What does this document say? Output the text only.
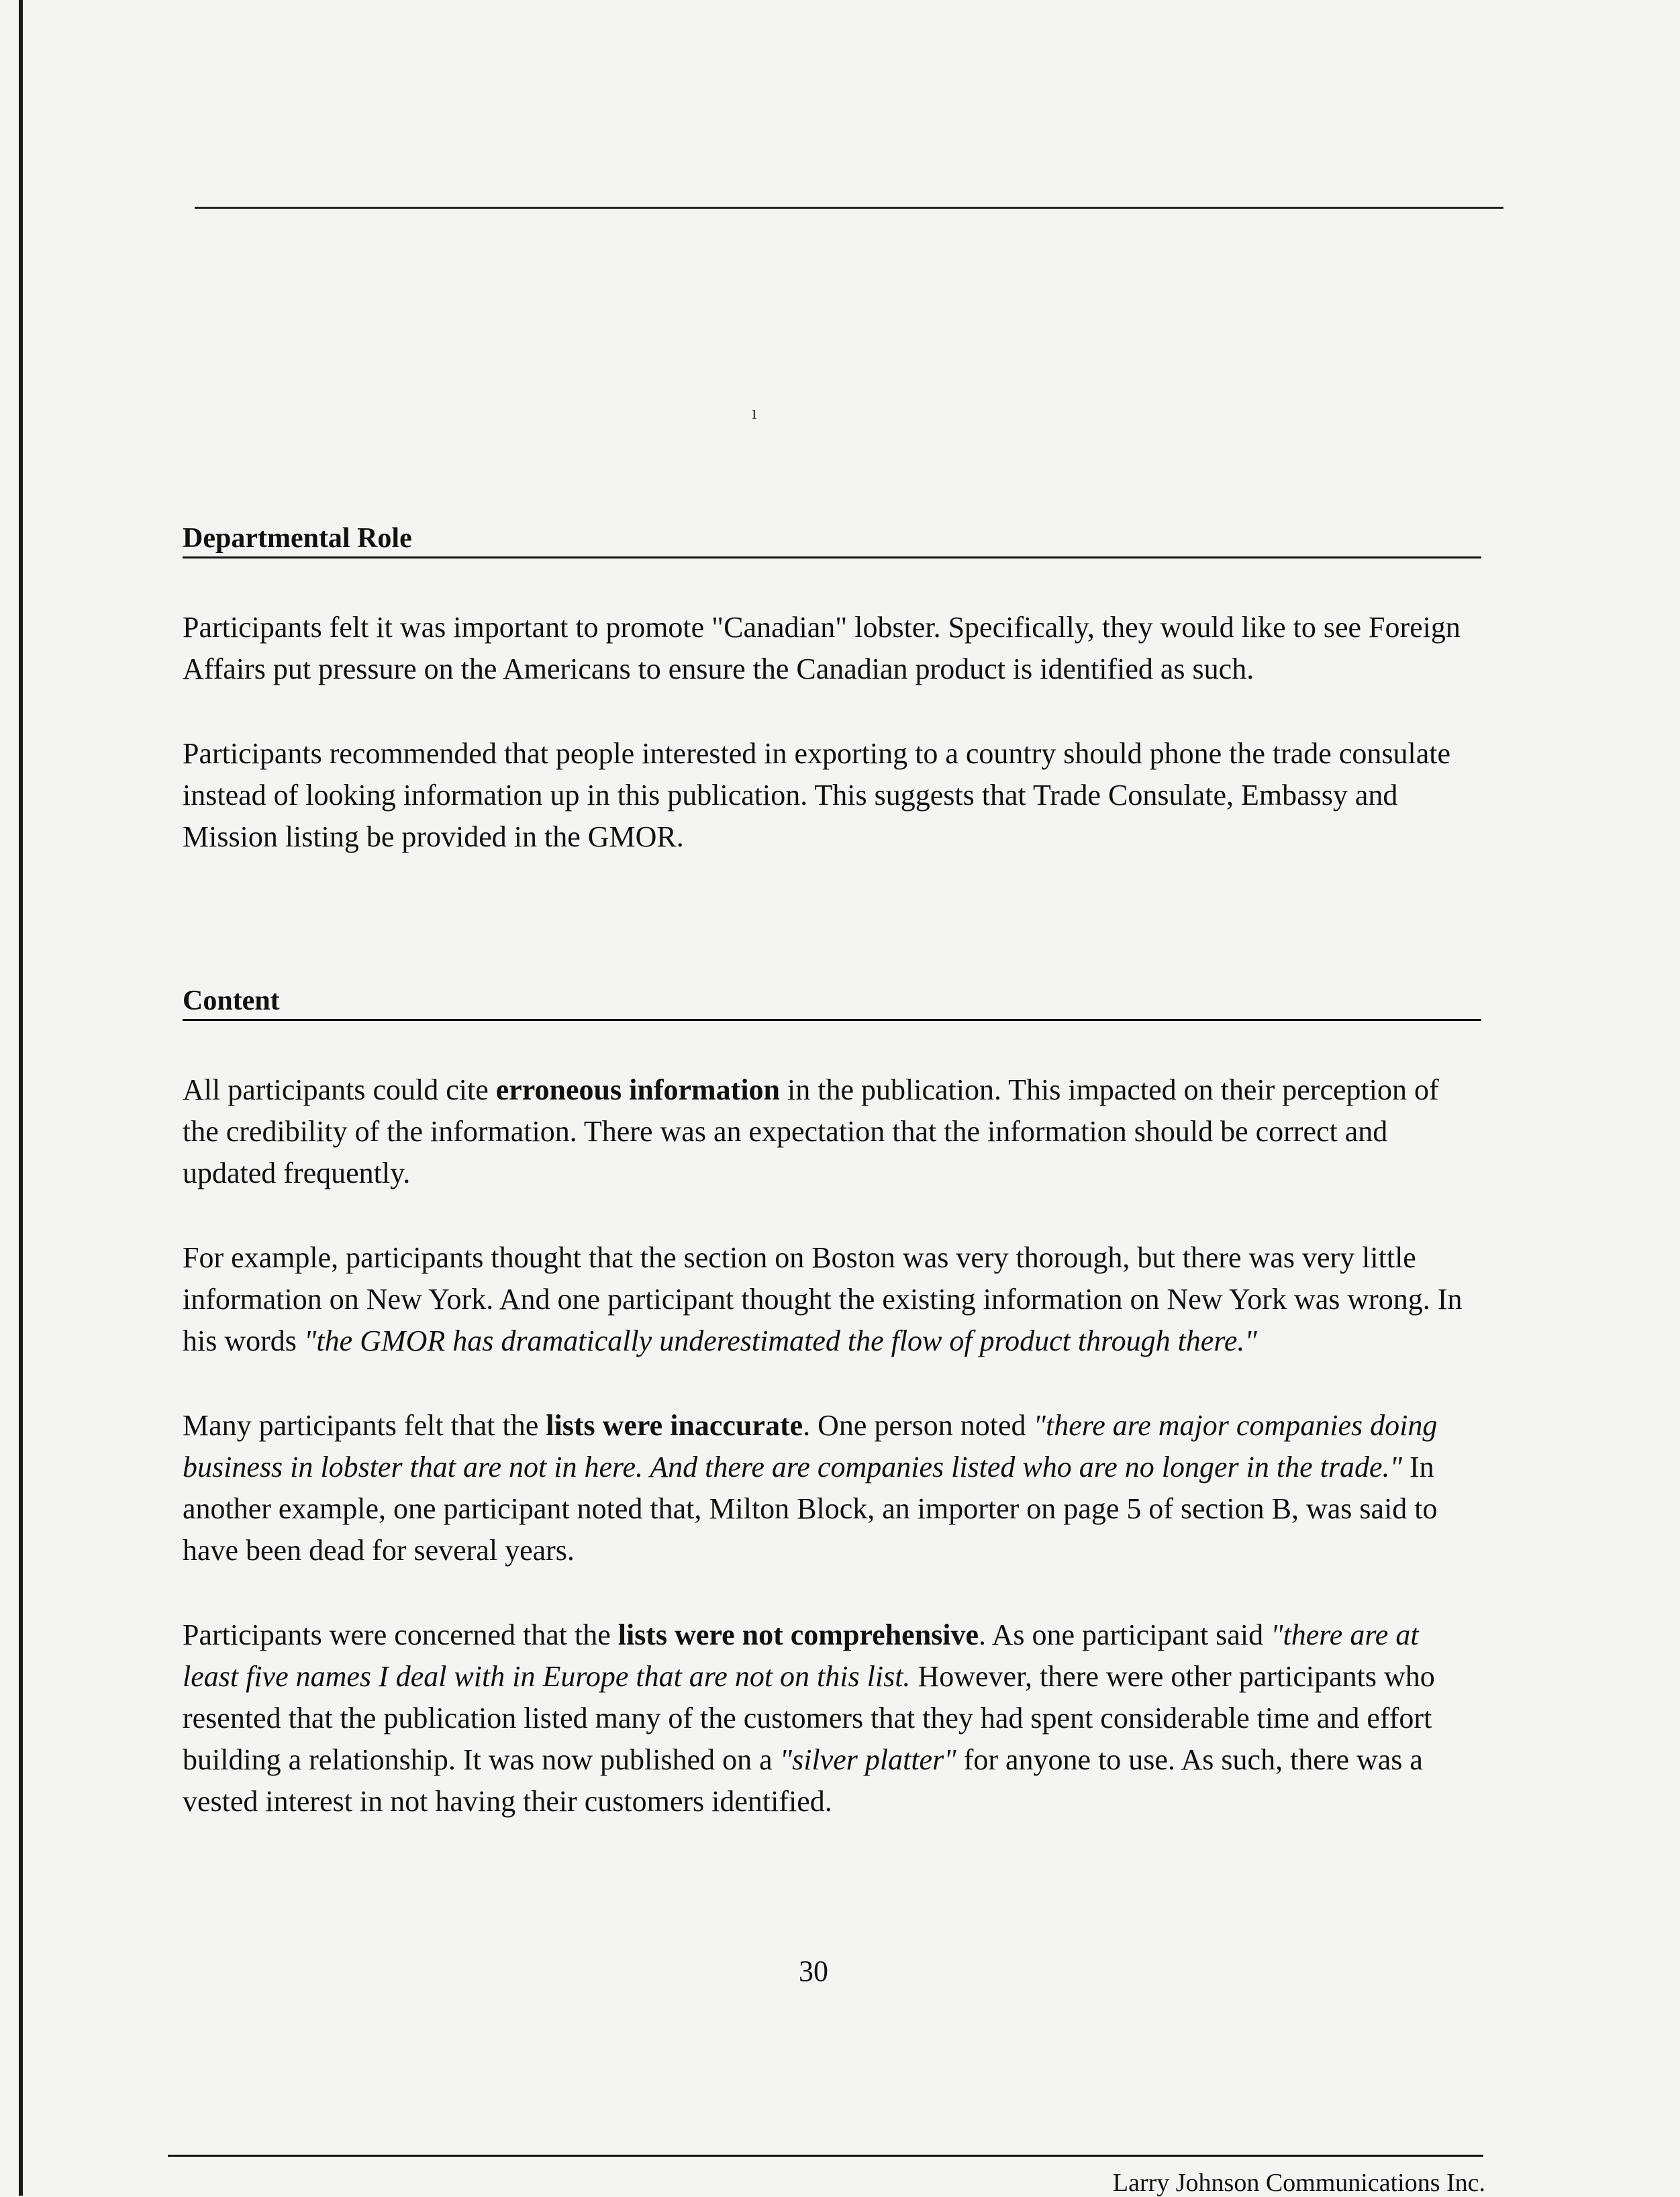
ı
Departmental Role

Participants felt it was important to promote "Canadian" lobster. Specifically, they would like to see Foreign Affairs put pressure on the Americans to ensure the Canadian product is identified as such.

Participants recommended that people interested in exporting to a country should phone the trade consulate instead of looking information up in this publication. This suggests that Trade Consulate, Embassy and Mission listing be provided in the GMOR.

Content

All participants could cite erroneous information in the publication. This impacted on their perception of the credibility of the information. There was an expectation that the information should be correct and updated frequently.

For example, participants thought that the section on Boston was very thorough, but there was very little information on New York. And one participant thought the existing information on New York was wrong. In his words "the GMOR has dramatically underestimated the flow of product through there."

Many participants felt that the lists were inaccurate. One person noted "there are major companies doing business in lobster that are not in here. And there are companies listed who are no longer in the trade." In another example, one participant noted that, Milton Block, an importer on page 5 of section B, was said to have been dead for several years.

Participants were concerned that the lists were not comprehensive. As one participant said "there are at least five names I deal with in Europe that are not on this list. However, there were other participants who resented that the publication listed many of the customers that they had spent considerable time and effort building a relationship. It was now published on a "silver platter" for anyone to use. As such, there was a vested interest in not having their customers identified.

30
Larry Johnson Communications Inc.
